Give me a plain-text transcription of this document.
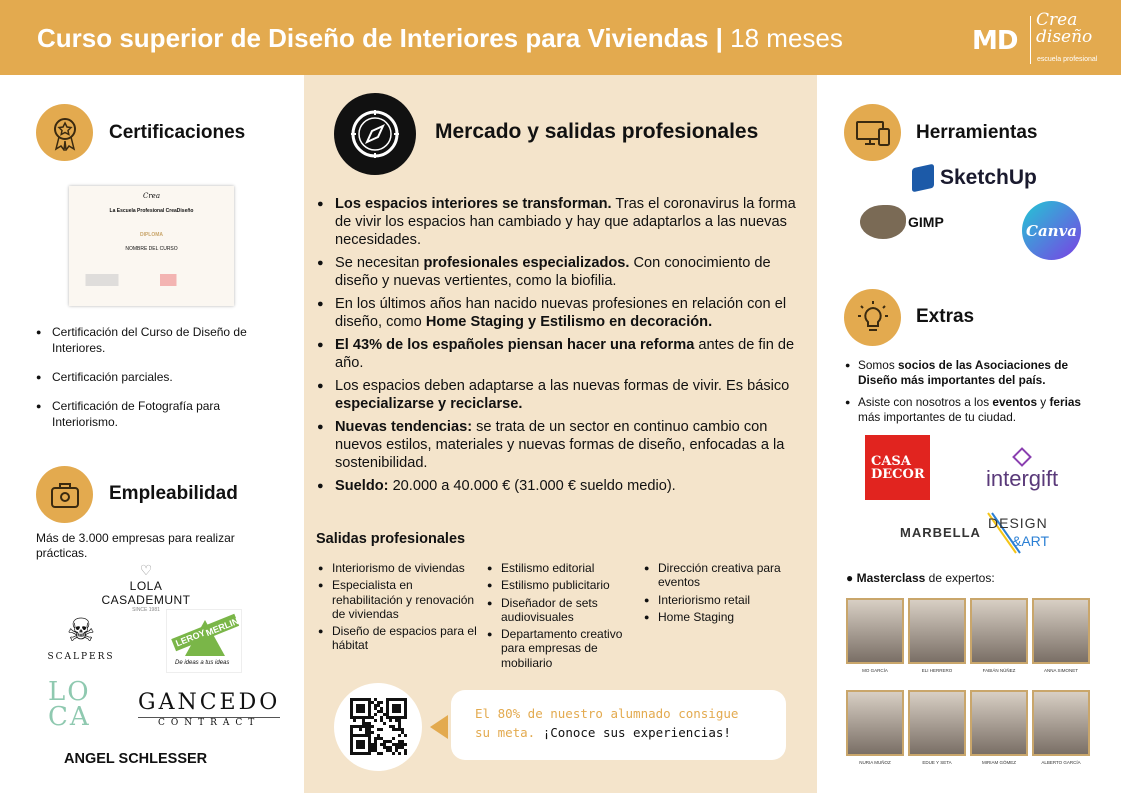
Curso superior de Diseño de Interiores para Viviendas | 18 meses	MD
Crea
diseño
escuela profesional
Certificaciones
Crea
La Escuela Profesional CreaDiseño
DIPLOMA
NOMBRE DEL CURSO
● Certificación del Curso de Diseño de Interiores.
● Certificación parciales.
● Certificación de Fotografía para Interiorismo.
Empleabilidad
Más de 3.000 empresas para realizar prácticas.
♡
LOLA CASADEMUNT
SINCE 1981
☠
SCALPERS
LEROY
MERLIN
De ideas a tus ideas
LO
CA GANCEDO
CONTRACT
ANGEL SCHLESSER
Mercado y salidas profesionales
● Los espacios interiores se transforman. Tras el coronavirus la forma de vivir los espacios han cambiado y hay que adaptarlos a las nuevas necesidades.
● Se necesitan profesionales especializados. Con conocimiento de diseño y nuevas vertientes, como la biofilia.
● En los últimos años han nacido nuevas profesiones en relación con el diseño, como Home Staging y Estilismo en decoración.
● El 43% de los españoles piensan hacer una reforma antes de fin de año.
● Los espacios deben adaptarse a las nuevas formas de vivir. Es básico especializarse y reciclarse.
● Nuevas tendencias: se trata de un sector en continuo cambio con nuevos estilos, materiales y nuevas formas de diseño, enfocadas a la sostenibilidad.
● Sueldo: 20.000 a 40.000 € (31.000 € sueldo medio).
Salidas profesionales
● Interiorismo de viviendas
● Especialista en rehabilitación y renovación de viviendas
● Diseño de espacios para el hábitat
● Estilismo editorial
● Estilismo publicitario
● Diseñador de sets audiovisuales
● Departamento creativo para empresas de mobiliario
● Dirección creativa para eventos
● Interiorismo retail
● Home Staging
El 80% de nuestro alumnado consigue
su meta. ¡Conoce sus experiencias!
Herramientas
SketchUp
GIMP	Canva
Extras
● Somos socios de las Asociaciones de Diseño más importantes del país.
● Asiste con nosotros a los eventos y ferias más importantes de tu ciudad.
CASA
DECOR	intergift
MARBELLA
DESIGN
&ART
● Masterclass de expertos:
MO GARCÍA	ELI HERRERO	FABIÁN NÚÑEZ	ANNA SIMONET
NURIA MUÑOZ	EDUE Y SETA	MIRIAM GÓMEZ	ALBERTO GARCÍA
